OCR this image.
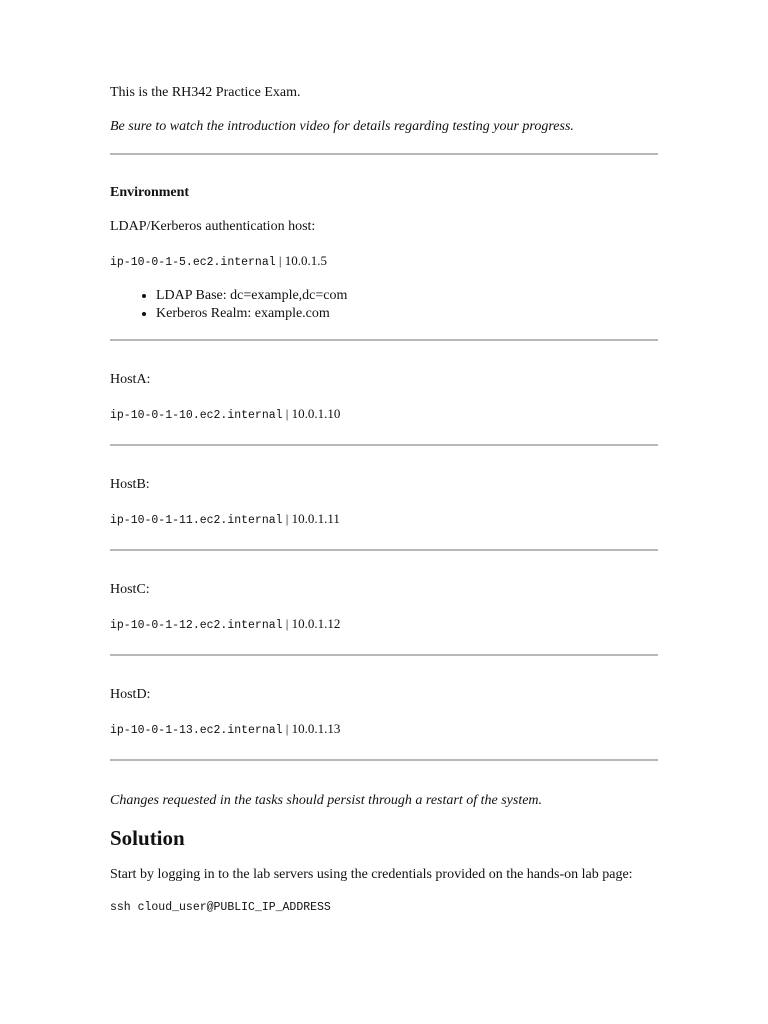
This is the RH342 Practice Exam.

Be sure to watch the introduction video for details regarding testing your progress.

Environment

LDAP/Kerberos authentication host:

ip-10-0-1-5.ec2.internal | 10.0.1.5

• LDAP Base: dc=example,dc=com
• Kerberos Realm: example.com

HostA:

ip-10-0-1-10.ec2.internal | 10.0.1.10

HostB:

ip-10-0-1-11.ec2.internal | 10.0.1.11

HostC:

ip-10-0-1-12.ec2.internal | 10.0.1.12

HostD:

ip-10-0-1-13.ec2.internal | 10.0.1.13

Changes requested in the tasks should persist through a restart of the system.

Solution

Start by logging in to the lab servers using the credentials provided on the hands-on lab page:

ssh cloud_user@PUBLIC_IP_ADDRESS
